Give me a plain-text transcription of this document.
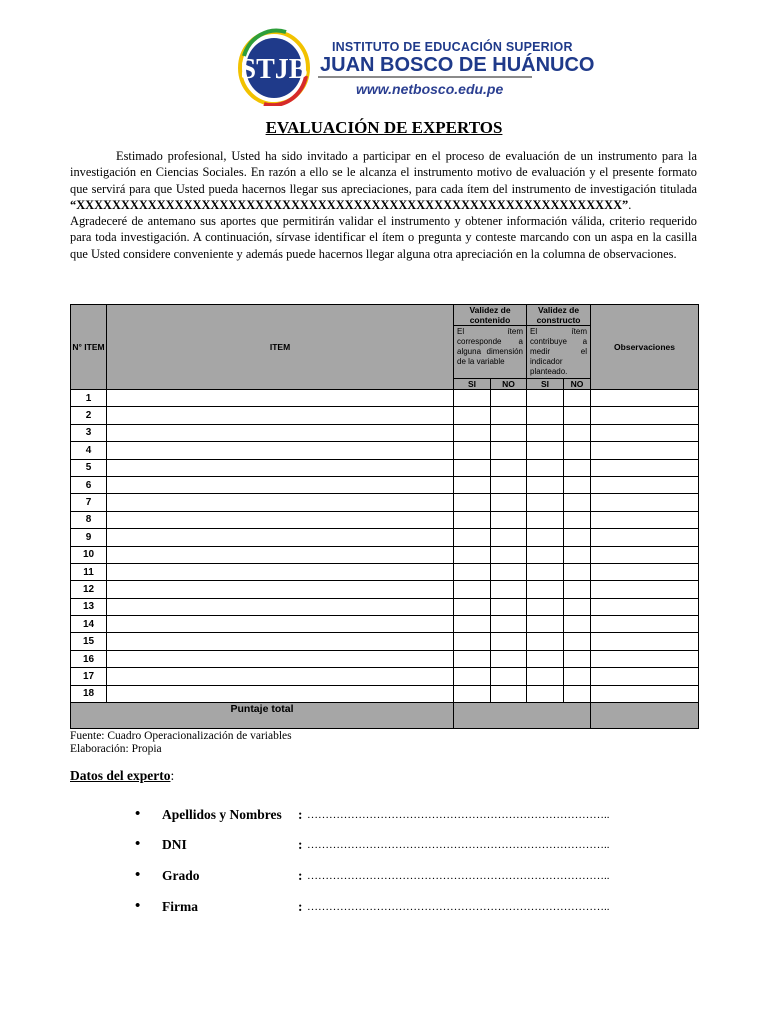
STJB
INSTITUTO DE EDUCACIÓN SUPERIOR
JUAN BOSCO DE HUÁNUCO
www.netbosco.edu.pe
EVALUACIÓN DE EXPERTOS

Estimado profesional, Usted ha sido invitado a participar en el proceso de evaluación de un instrumento para la investigación en Ciencias Sociales. En razón a ello se le alcanza el instrumento motivo de evaluación y el presente formato que servirá para que Usted pueda hacernos llegar sus apreciaciones, para cada ítem del instrumento de investigación titulada

“XXXXXXXXXXXXXXXXXXXXXXXXXXXXXXXXXXXXXXXXXXXXXXXXXXXXXXXXXXXXX”.

Agradeceré de antemano sus aportes que permitirán validar el instrumento y obtener información válida, criterio requerido para toda investigación. A continuación, sírvase identificar el ítem o pregunta y conteste marcando con un aspa en la casilla que Usted considere conveniente y además puede hacernos llegar alguna otra apreciación en la columna de observaciones.

N° ITEM	ITEM	Validez de contenido		Validez de constructo		Observaciones
		El ítem corresponde a alguna dimensión de la variable		El ítem contribuye a medir el indicador planteado.		
		SI	NO	SI	NO	
1						
2						
3						
4						
5						
6						
7						
8						
9						
10						
11						
12						
13						
14						
15						
16						
17						
18						
Puntaje total						
Fuente: Cuadro Operacionalización de variables
Elaboración: Propia
Datos del experto:
• Apellidos y Nombres : ………………………………………………………………………..
• DNI	: ………………………………………………………………………..
• Grado	: ………………………………………………………………………..
• Firma	: ………………………………………………………………………..
